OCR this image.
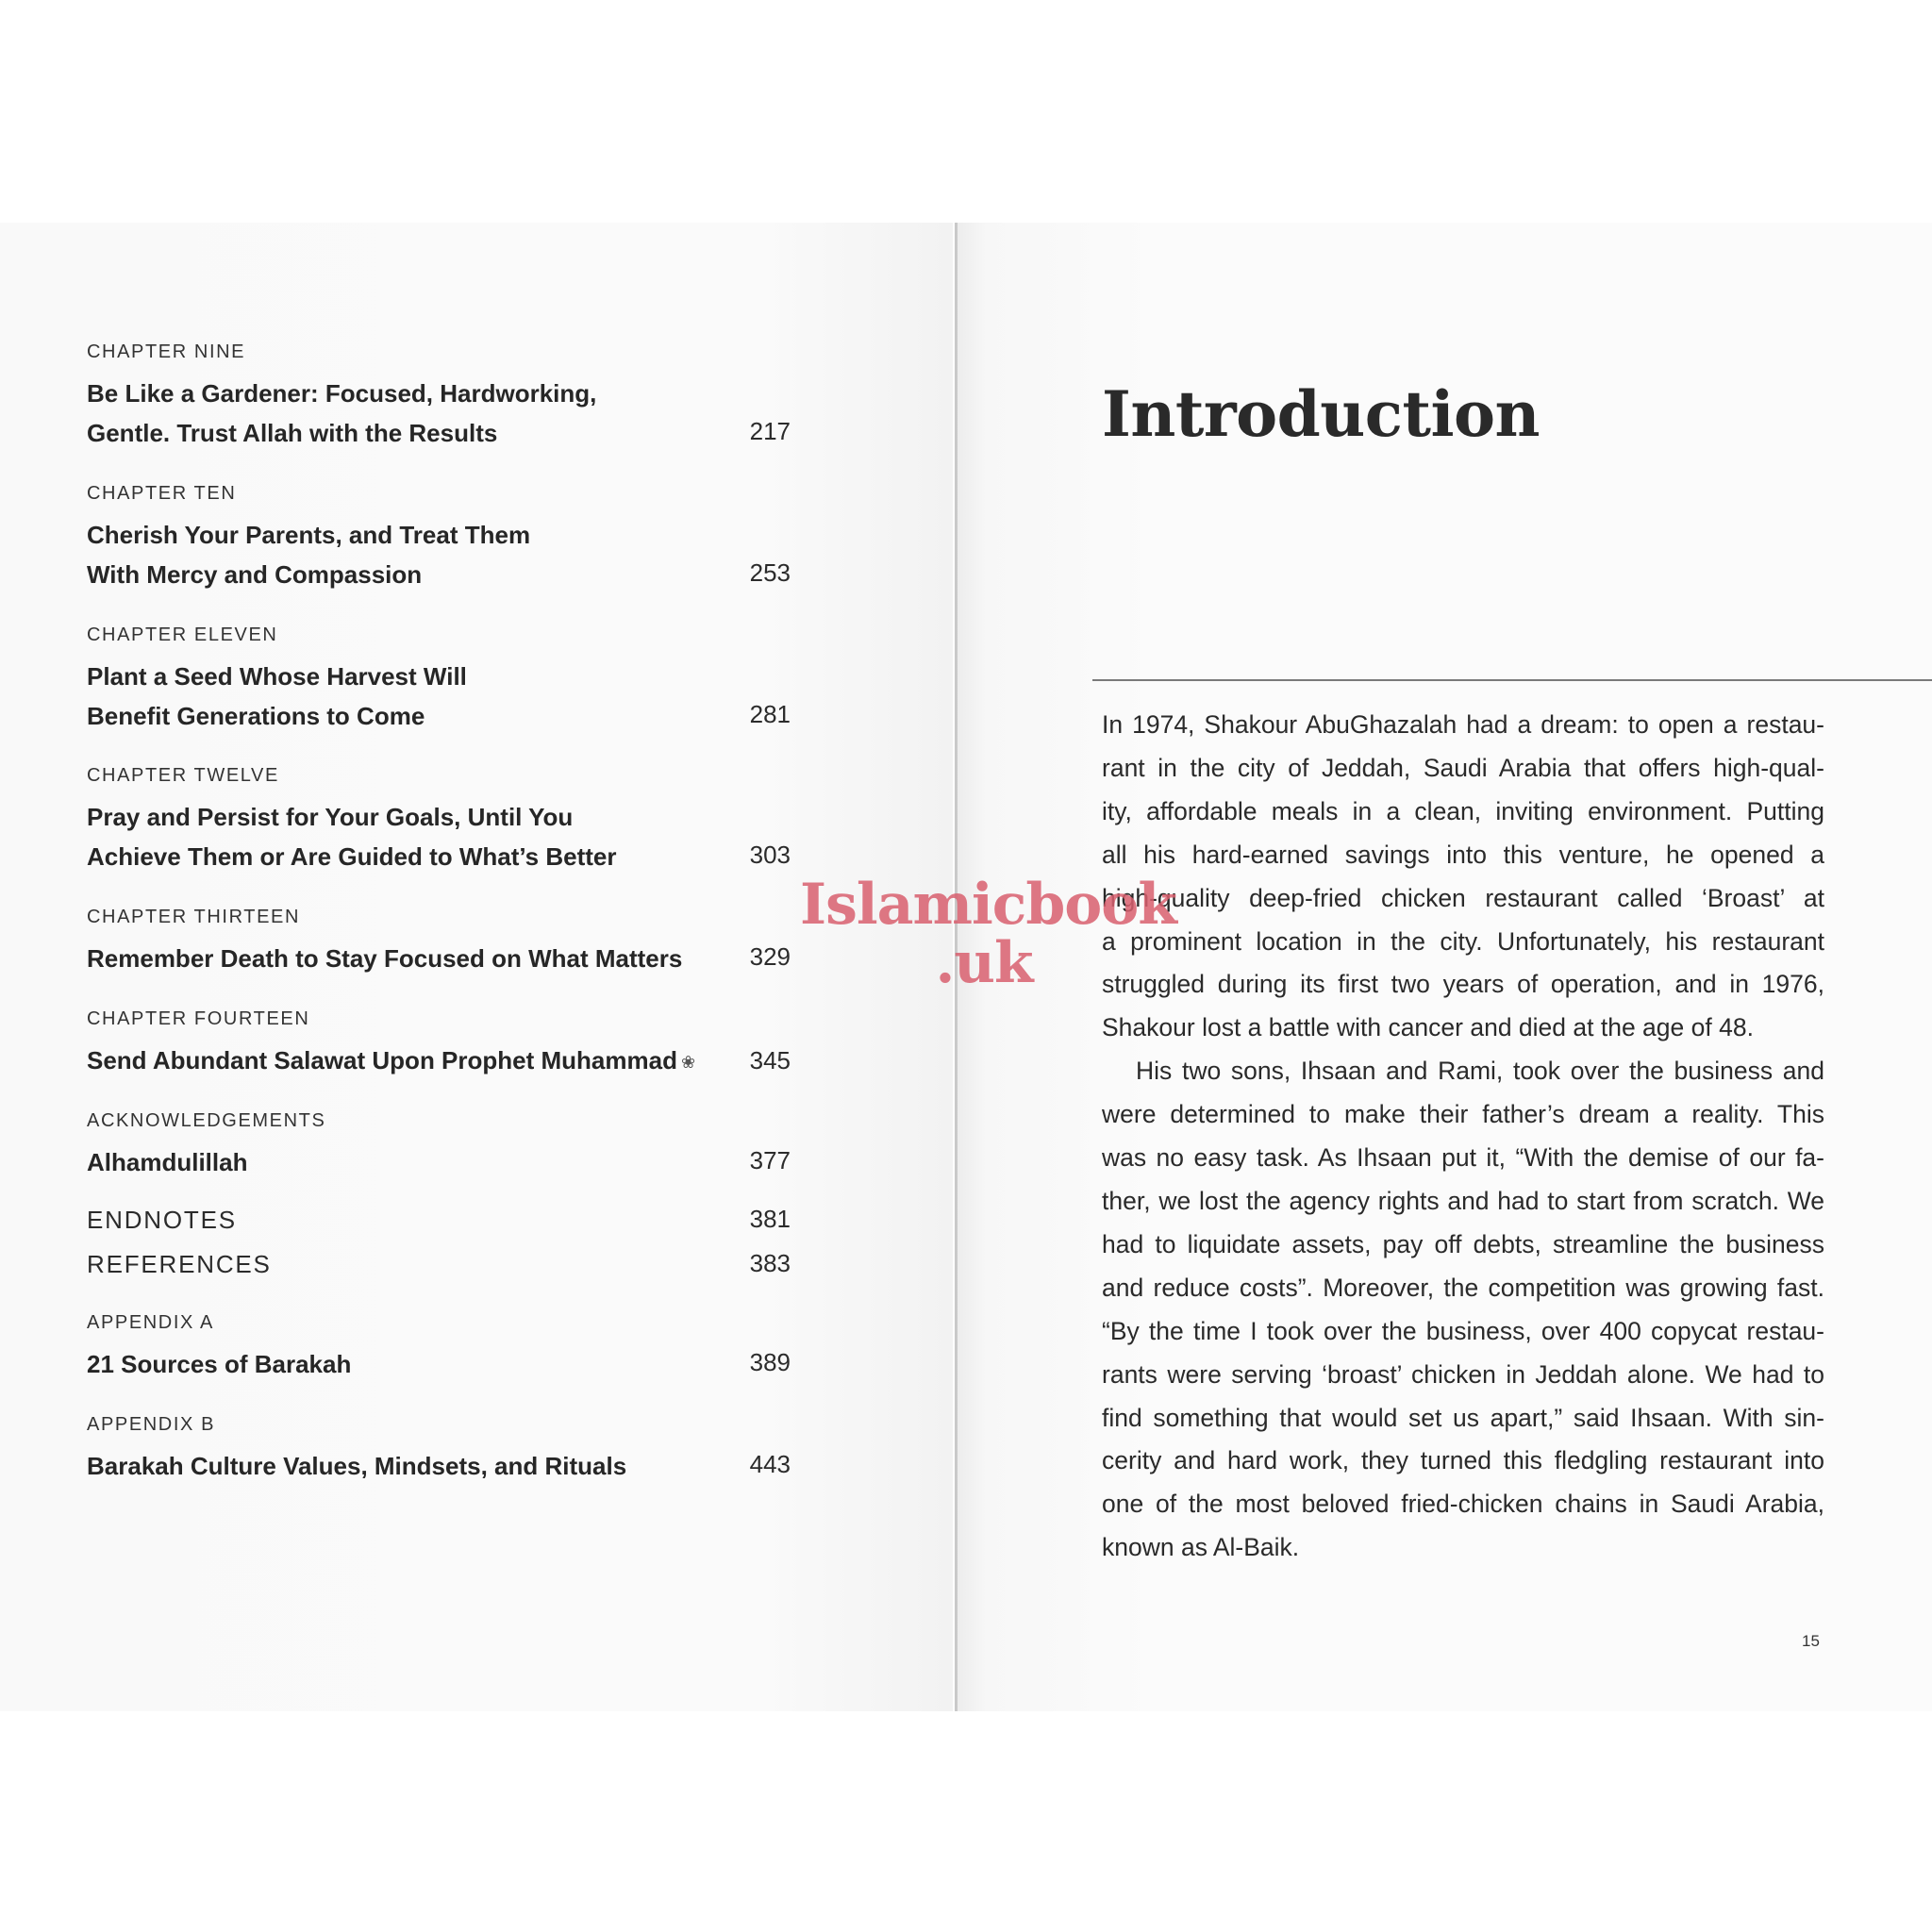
CHAPTER NINE
Be Like a Gardener: Focused, Hardworking,
Gentle. Trust Allah with the Results	217
CHAPTER TEN
Cherish Your Parents, and Treat Them
With Mercy and Compassion	253
CHAPTER ELEVEN
Plant a Seed Whose Harvest Will
Benefit Generations to Come	281
CHAPTER TWELVE
Pray and Persist for Your Goals, Until You
Achieve Them or Are Guided to What’s Better	303
CHAPTER THIRTEEN
Remember Death to Stay Focused on What Matters	329
CHAPTER FOURTEEN
Send Abundant Salawat Upon Prophet Muhammad ❀	345
ACKNOWLEDGEMENTS
Alhamdulillah	377
ENDNOTES	381
REFERENCES	383
APPENDIX A
21 Sources of Barakah	389
APPENDIX B
Barakah Culture Values, Mindsets, and Rituals	443
Introduction
In 1974, Shakour AbuGhazalah had a dream: to open a restau-
rant in the city of Jeddah, Saudi Arabia that offers high-qual-
ity, affordable meals in a clean, inviting environment. Putting
all his hard-earned savings into this venture, he opened a
high-quality deep-fried chicken restaurant called ‘Broast’ at
a prominent location in the city. Unfortunately, his restaurant
struggled during its first two years of operation, and in 1976,
Shakour lost a battle with cancer and died at the age of 48.
His two sons, Ihsaan and Rami, took over the business and
were determined to make their father’s dream a reality. This
was no easy task. As Ihsaan put it, “With the demise of our fa-
ther, we lost the agency rights and had to start from scratch. We
had to liquidate assets, pay off debts, streamline the business
and reduce costs”. Moreover, the competition was growing fast.
“By the time I took over the business, over 400 copycat restau-
rants were serving ‘broast’ chicken in Jeddah alone. We had to
find something that would set us apart,” said Ihsaan. With sin-
cerity and hard work, they turned this fledgling restaurant into
one of the most beloved fried-chicken chains in Saudi Arabia,
known as Al-Baik.
15
Islamicbook
.uk
